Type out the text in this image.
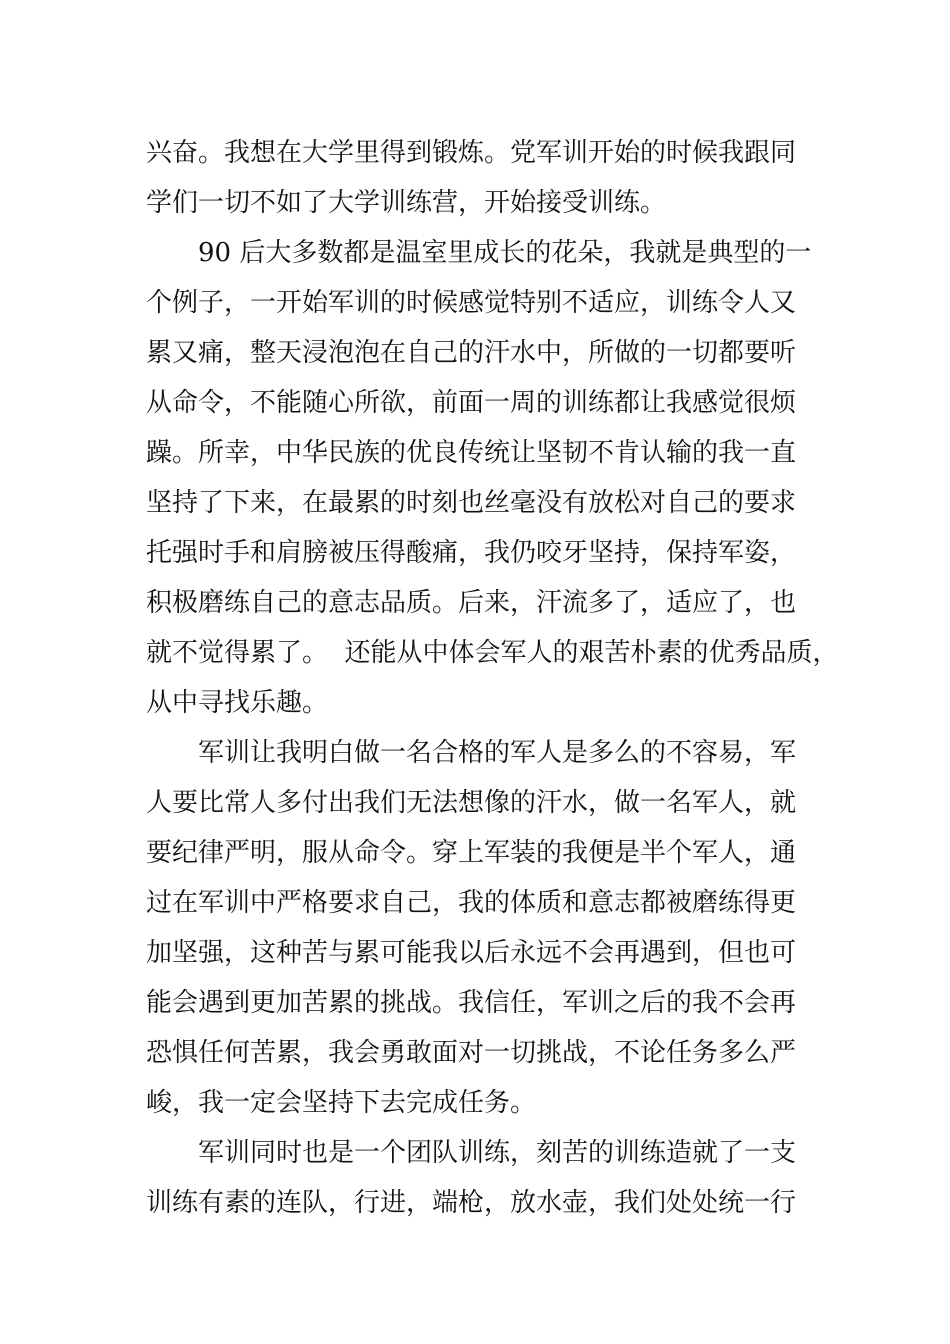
兴奋。我想在大学里得到锻炼。党军训开始的时候我跟同
学们一切不如了大学训练营，开始接受训练。
90 后大多数都是温室里成长的花朵，我就是典型的一
个例子，一开始军训的时候感觉特别不适应，训练令人又
累又痛，整天浸泡泡在自己的汗水中，所做的一切都要听
从命令，不能随心所欲，前面一周的训练都让我感觉很烦
躁。所幸，中华民族的优良传统让坚韧不肯认输的我一直
坚持了下来，在最累的时刻也丝毫没有放松对自己的要求
托强时手和肩膀被压得酸痛，我仍咬牙坚持，保持军姿，
积极磨练自己的意志品质。后来，汗流多了，适应了，也
就不觉得累了。  还能从中体会军人的艰苦朴素的优秀品质，
从中寻找乐趣。
军训让我明白做一名合格的军人是多么的不容易，军
人要比常人多付出我们无法想像的汗水，做一名军人，就
要纪律严明，服从命令。穿上军装的我便是半个军人，通
过在军训中严格要求自己，我的体质和意志都被磨练得更
加坚强，这种苦与累可能我以后永远不会再遇到，但也可
能会遇到更加苦累的挑战。我信任，军训之后的我不会再
恐惧任何苦累，我会勇敢面对一切挑战，不论任务多么严
峻，我一定会坚持下去完成任务。
军训同时也是一个团队训练，刻苦的训练造就了一支
训练有素的连队，行进，端枪，放水壶，我们处处统一行
